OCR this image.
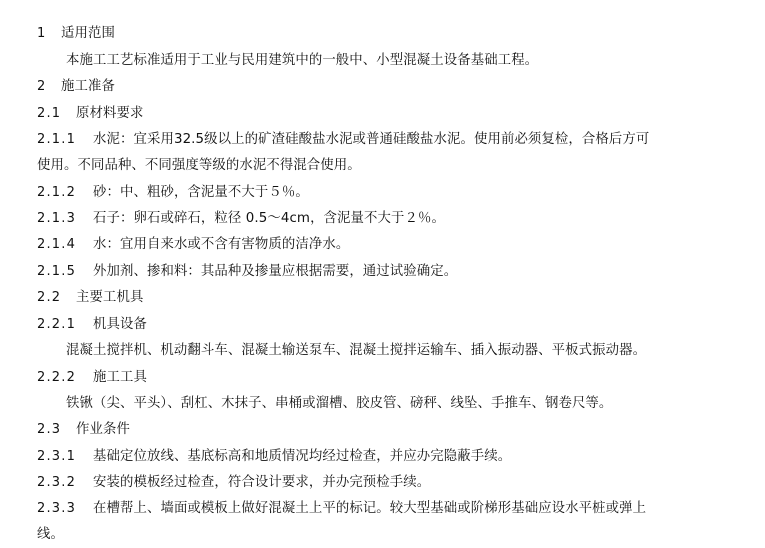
1 适用范围
本施工工艺标准适用于工业与民用建筑中的一般中、小型混凝土设备基础工程。
2 施工准备
2.1 原材料要求
2.1.1 水泥：宜采用32.5级以上的矿渣硅酸盐水泥或普通硅酸盐水泥。使用前必须复检，合格后方可
使用。不同品种、不同强度等级的水泥不得混合使用。
2.1.2 砂：中、粗砂，含泥量不大于５％。
2.1.3 石子：卵石或碎石，粒径 0.5～4cm，含泥量不大于２％。
2.1.4 水：宜用自来水或不含有害物质的洁净水。
2.1.5 外加剂、掺和料：其品种及掺量应根据需要，通过试验确定。
2.2 主要工机具
2.2.1 机具设备
混凝土搅拌机、机动翻斗车、混凝土输送泵车、混凝土搅拌运输车、插入振动器、平板式振动器。
2.2.2 施工工具
铁锹（尖、平头）、刮杠、木抹子、串桶或溜槽、胶皮管、磅秤、线坠、手推车、钢卷尺等。
2.3 作业条件
2.3.1 基础定位放线、基底标高和地质情况均经过检查，并应办完隐蔽手续。
2.3.2 安装的模板经过检查，符合设计要求，并办完预检手续。
2.3.3 在槽帮上、墙面或模板上做好混凝土上平的标记。较大型基础或阶梯形基础应设水平桩或弹上
线。
